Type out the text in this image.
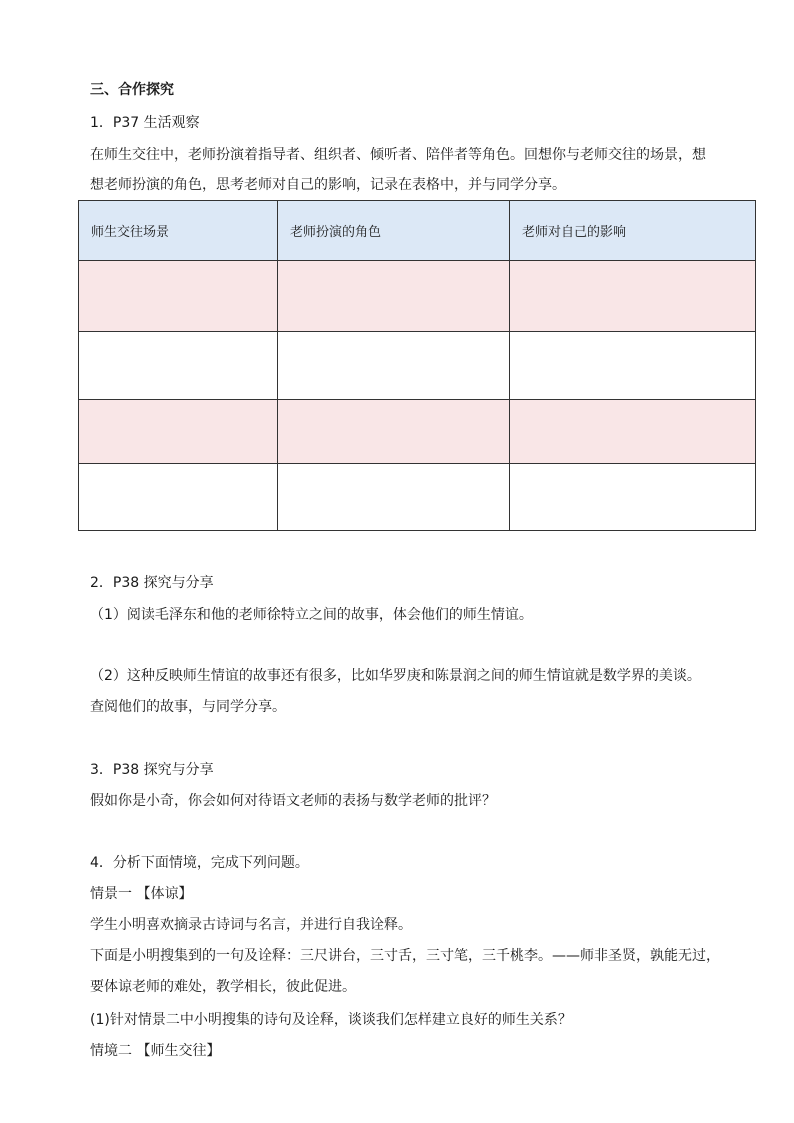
三、合作探究
1．P37 生活观察
在师生交往中，老师扮演着指导者、组织者、倾听者、陪伴者等角色。回想你与老师交往的场景，想
想老师扮演的角色，思考老师对自己的影响，记录在表格中，并与同学分享。
师生交往场景	老师扮演的角色	老师对自己的影响

2．P38 探究与分享
（1）阅读毛泽东和他的老师徐特立之间的故事，体会他们的师生情谊。
（2）这种反映师生情谊的故事还有很多，比如华罗庚和陈景润之间的师生情谊就是数学界的美谈。
查阅他们的故事，与同学分享。
3．P38 探究与分享
假如你是小奇，你会如何对待语文老师的表扬与数学老师的批评？
4．分析下面情境，完成下列问题。
情景一 【体谅】
学生小明喜欢摘录古诗词与名言，并进行自我诠释。
下面是小明搜集到的一句及诠释：三尺讲台，三寸舌，三寸笔，三千桃李。——师非圣贤，孰能无过，
要体谅老师的难处，教学相长，彼此促进。
(1)针对情景二中小明搜集的诗句及诠释，谈谈我们怎样建立良好的师生关系？
情境二 【师生交往】
